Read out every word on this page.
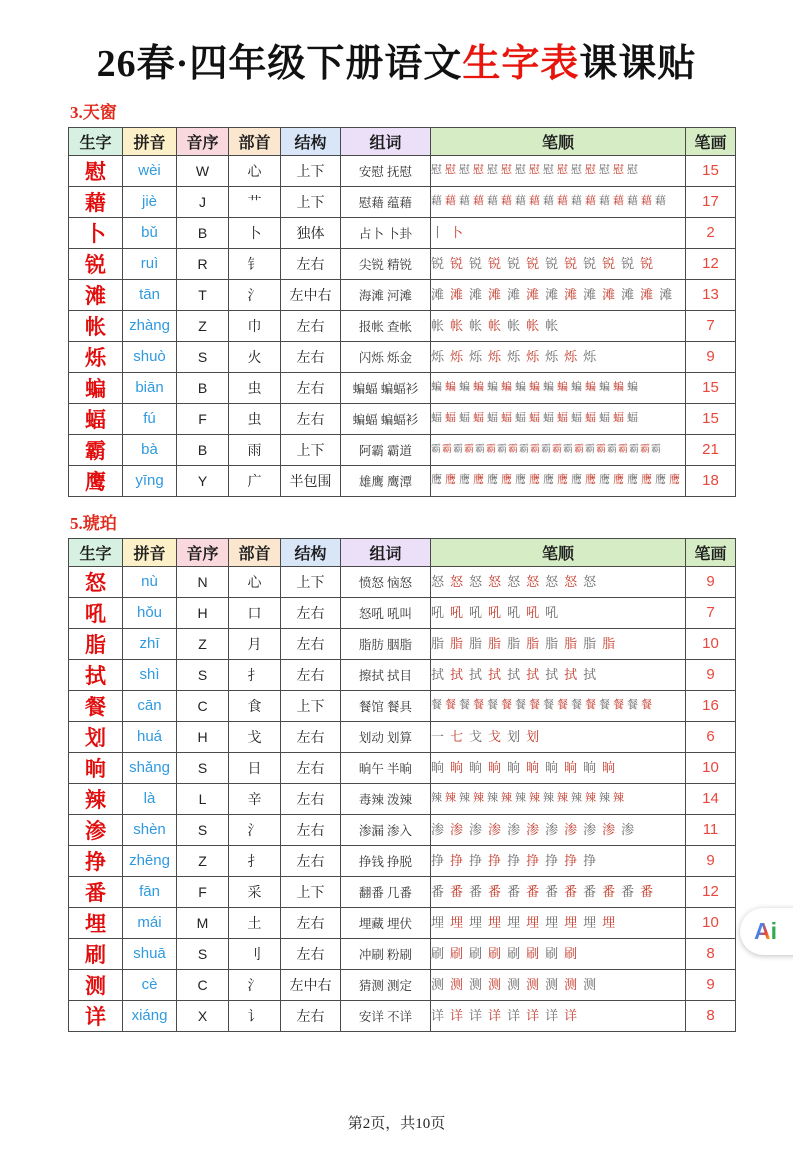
26春·四年级下册语文生字表课课贴
3.天窗
生字	拼音	音序	部首	结构	组词	笔顺	笔画
慰	wèi	W	心	上下	安慰 抚慰	慰 慰 慰 慰 慰 慰 慰 慰 慰 慰 慰 慰 慰 慰 慰	15
藉	jiè	J	艹	上下	慰藉 蕴藉	藉 藉 藉 藉 藉 藉 藉 藉 藉 藉 藉 藉 藉 藉 藉 藉 藉	17
卜	bǔ	B	卜	独体	占卜 卜卦	丨 卜	2
锐	ruì	R	钅	左右	尖锐 精锐	锐 锐 锐 锐 锐 锐 锐 锐 锐 锐 锐 锐	12
滩	tān	T	氵	左中右	海滩 河滩	滩 滩 滩 滩 滩 滩 滩 滩 滩 滩 滩 滩 滩	13
帐	zhàng	Z	巾	左右	报帐 查帐	帐 帐 帐 帐 帐 帐 帐	7
烁	shuò	S	火	左右	闪烁 烁金	烁 烁 烁 烁 烁 烁 烁 烁 烁	9
蝙	biān	B	虫	左右	蝙蝠 蝙蝠衫	蝙 蝙 蝙 蝙 蝙 蝙 蝙 蝙 蝙 蝙 蝙 蝙 蝙 蝙 蝙	15
蝠	fú	F	虫	左右	蝙蝠 蝙蝠衫	蝠 蝠 蝠 蝠 蝠 蝠 蝠 蝠 蝠 蝠 蝠 蝠 蝠 蝠 蝠	15
霸	bà	B	雨	上下	阿霸 霸道	霸 霸 霸 霸 霸 霸 霸 霸 霸 霸 霸 霸 霸 霸 霸 霸 霸 霸 霸 霸 霸	21
鹰	yīng	Y	广	半包围	雄鹰 鹰潭	鹰 鹰 鹰 鹰 鹰 鹰 鹰 鹰 鹰 鹰 鹰 鹰 鹰 鹰 鹰 鹰 鹰 鹰	18
5.琥珀
生字	拼音	音序	部首	结构	组词	笔顺	笔画
怒	nù	N	心	上下	愤怒 恼怒	怒 怒 怒 怒 怒 怒 怒 怒 怒	9
吼	hǒu	H	口	左右	怒吼 吼叫	吼 吼 吼 吼 吼 吼 吼	7
脂	zhī	Z	月	左右	脂肪 胭脂	脂 脂 脂 脂 脂 脂 脂 脂 脂 脂	10
拭	shì	S	扌	左右	擦拭 拭目	拭 拭 拭 拭 拭 拭 拭 拭 拭	9
餐	cān	C	食	上下	餐馆 餐具	餐 餐 餐 餐 餐 餐 餐 餐 餐 餐 餐 餐 餐 餐 餐 餐	16
划	huá	H	戈	左右	划动 划算	一 七 戈 戈 划 划	6
晌	shǎng	S	日	左右	晌午 半晌	晌 晌 晌 晌 晌 晌 晌 晌 晌 晌	10
辣	là	L	辛	左右	毒辣 泼辣	辣 辣 辣 辣 辣 辣 辣 辣 辣 辣 辣 辣 辣 辣	14
渗	shèn	S	氵	左右	渗漏 渗入	渗 渗 渗 渗 渗 渗 渗 渗 渗 渗 渗	11
挣	zhēng	Z	扌	左右	挣钱 挣脱	挣 挣 挣 挣 挣 挣 挣 挣 挣	9
番	fān	F	采	上下	翻番 几番	番 番 番 番 番 番 番 番 番 番 番 番	12
埋	mái	M	土	左右	埋藏 埋伏	埋 埋 埋 埋 埋 埋 埋 埋 埋 埋	10
刷	shuā	S	刂	左右	冲刷 粉刷	刷 刷 刷 刷 刷 刷 刷 刷	8
测	cè	C	氵	左中右	猜测 测定	测 测 测 测 测 测 测 测 测	9
详	xiáng	X	讠	左右	安详 不详	详 详 详 详 详 详 详 详	8
第2页，共10页
A i
